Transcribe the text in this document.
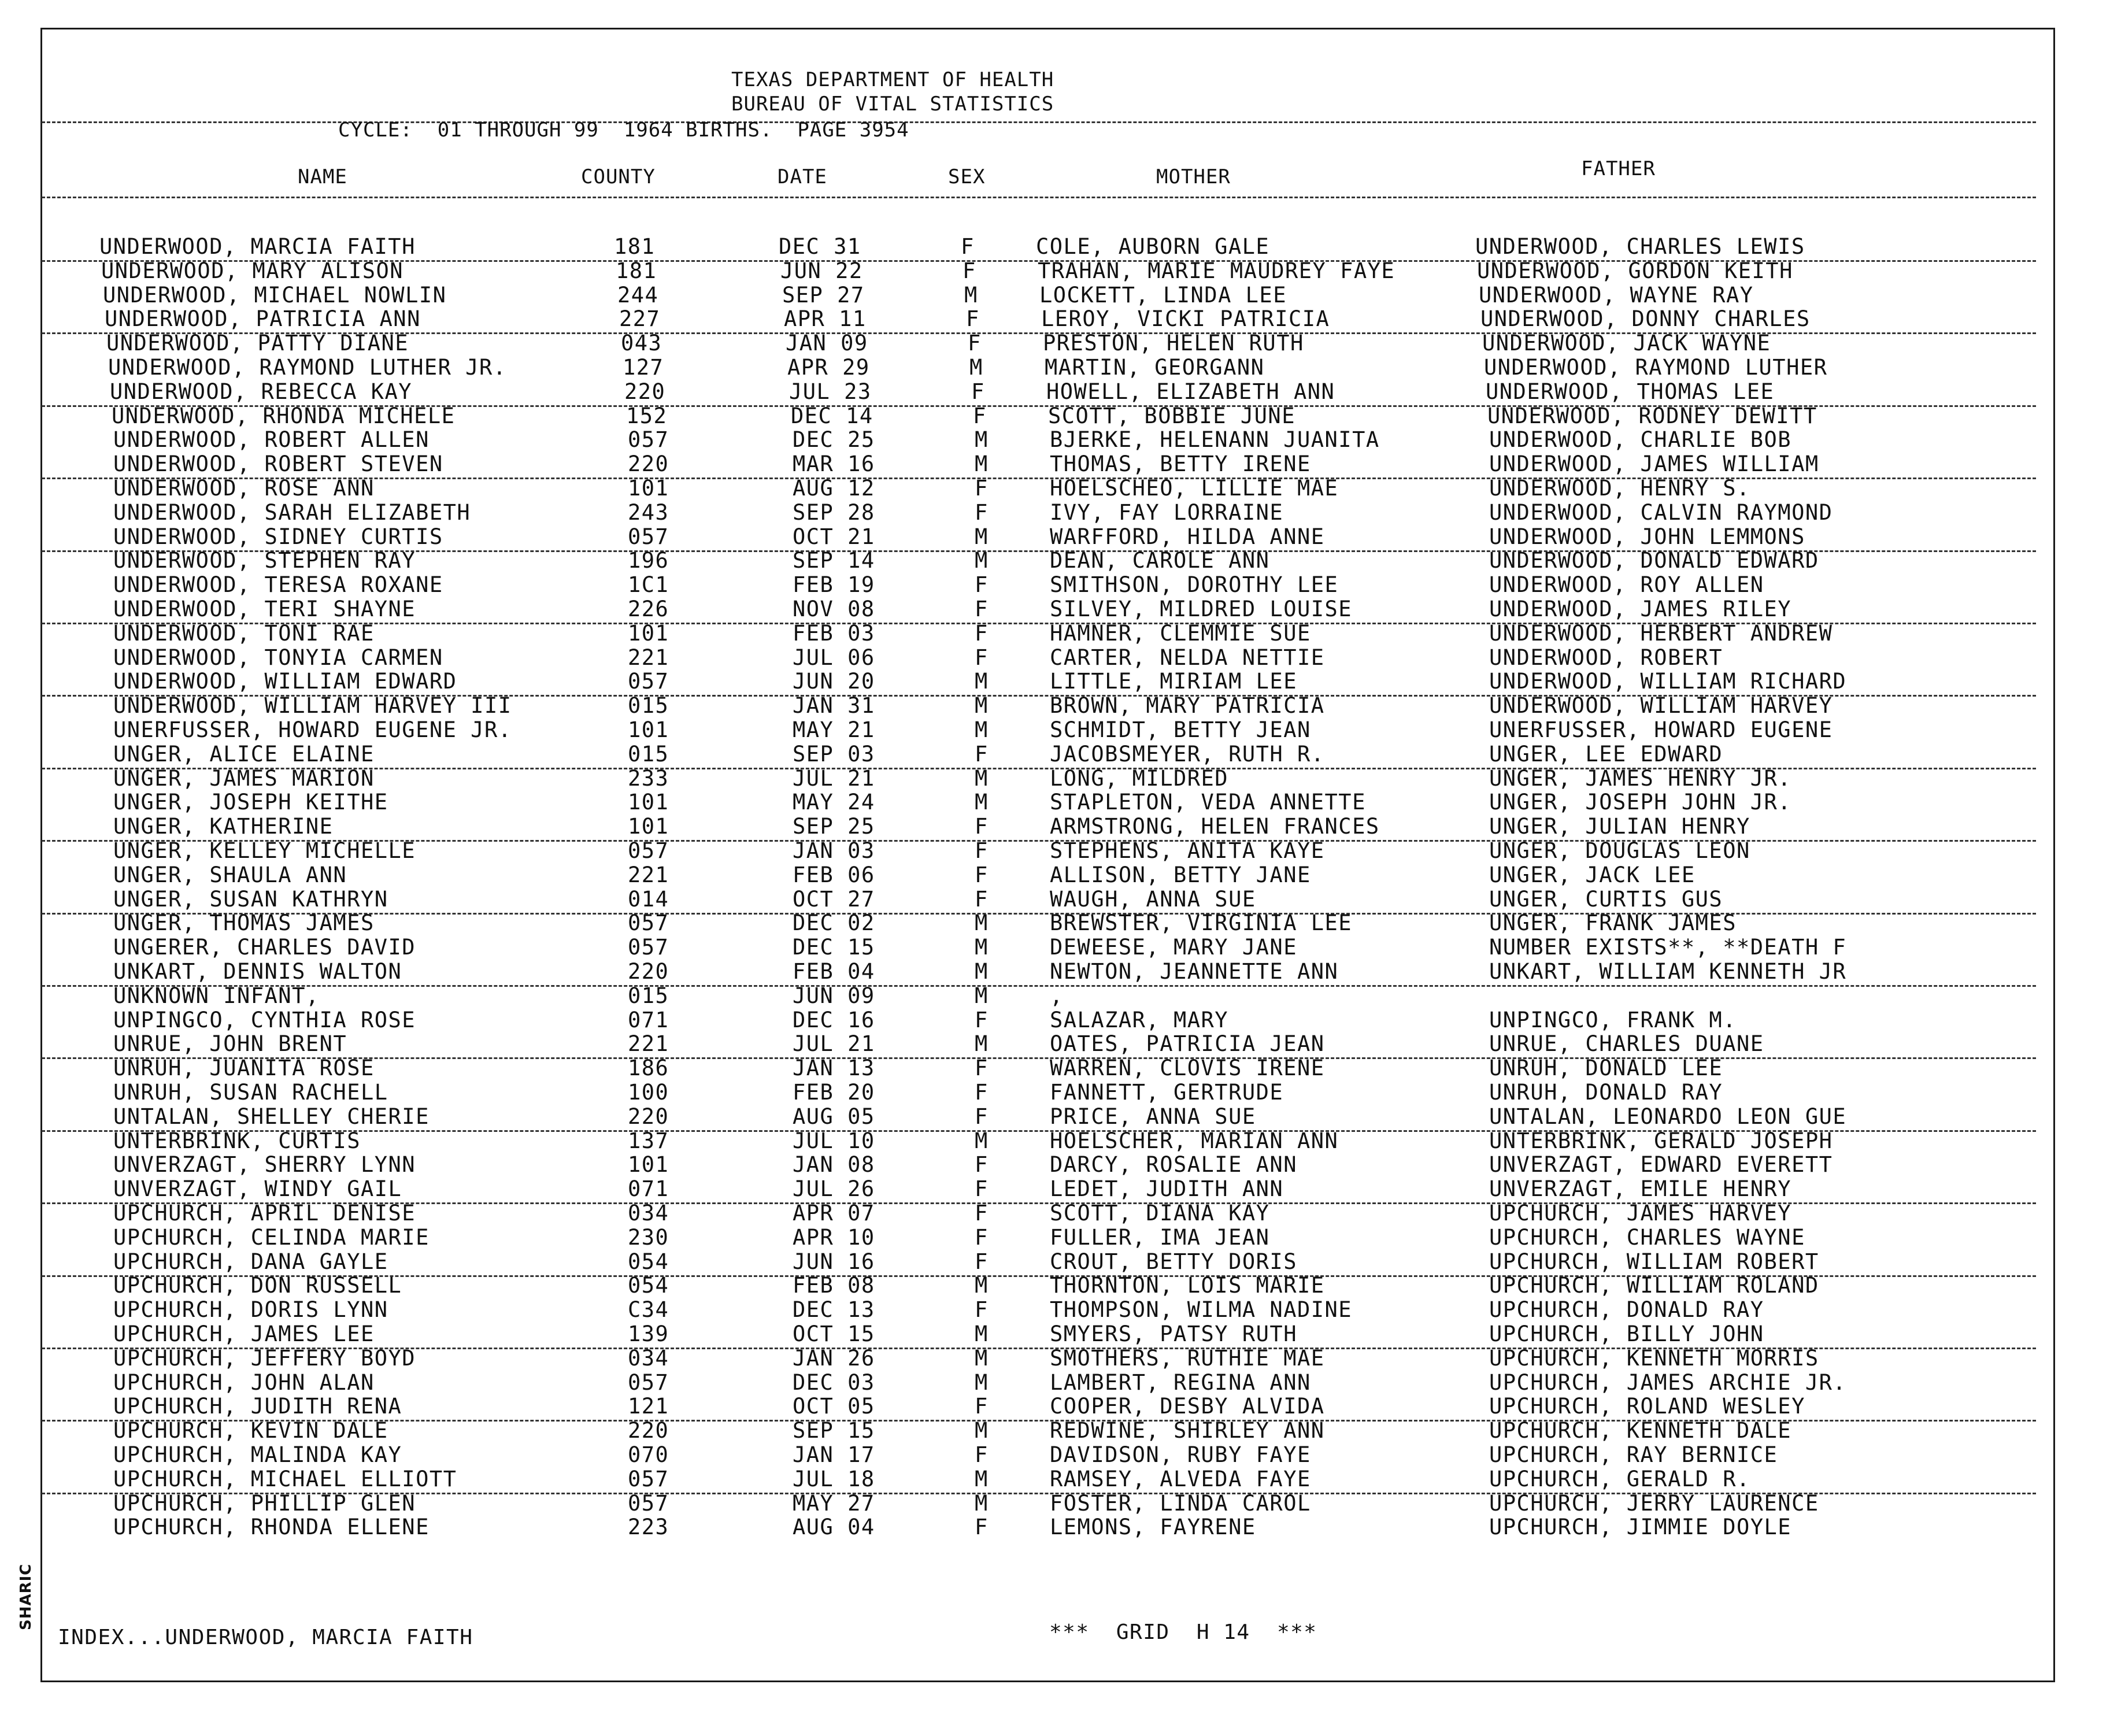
SHARIC
TEXAS DEPARTMENT OF HEALTH
BUREAU OF VITAL STATISTICS
CYCLE:  01 THROUGH 99  1964 BIRTHS.  PAGE 3954
NAME	COUNTY	DATE	SEX	MOTHER	FATHER
UNDERWOOD, MARCIA FAITH	181	DEC 31	F	COLE, AUBORN GALE	UNDERWOOD, CHARLES LEWIS
UNDERWOOD, MARY ALISON	181	JUN 22	F	TRAHAN, MARIE MAUDREY FAYE	UNDERWOOD, GORDON KEITH
UNDERWOOD, MICHAEL NOWLIN	244	SEP 27	M	LOCKETT, LINDA LEE	UNDERWOOD, WAYNE RAY
UNDERWOOD, PATRICIA ANN	227	APR 11	F	LEROY, VICKI PATRICIA	UNDERWOOD, DONNY CHARLES
UNDERWOOD, PATTY DIANE	043	JAN 09	F	PRESTON, HELEN RUTH	UNDERWOOD, JACK WAYNE
UNDERWOOD, RAYMOND LUTHER JR.	127	APR 29	M	MARTIN, GEORGANN	UNDERWOOD, RAYMOND LUTHER
UNDERWOOD, REBECCA KAY	220	JUL 23	F	HOWELL, ELIZABETH ANN	UNDERWOOD, THOMAS LEE
UNDERWOOD, RHONDA MICHELE	152	DEC 14	F	SCOTT, BOBBIE JUNE	UNDERWOOD, RODNEY DEWITT
UNDERWOOD, ROBERT ALLEN	057	DEC 25	M	BJERKE, HELENANN JUANITA	UNDERWOOD, CHARLIE BOB
UNDERWOOD, ROBERT STEVEN	220	MAR 16	M	THOMAS, BETTY IRENE	UNDERWOOD, JAMES WILLIAM
UNDERWOOD, ROSE ANN	101	AUG 12	F	HOELSCHEO, LILLIE MAE	UNDERWOOD, HENRY S.
UNDERWOOD, SARAH ELIZABETH	243	SEP 28	F	IVY, FAY LORRAINE	UNDERWOOD, CALVIN RAYMOND
UNDERWOOD, SIDNEY CURTIS	057	OCT 21	M	WARFFORD, HILDA ANNE	UNDERWOOD, JOHN LEMMONS
UNDERWOOD, STEPHEN RAY	196	SEP 14	M	DEAN, CAROLE ANN	UNDERWOOD, DONALD EDWARD
UNDERWOOD, TERESA ROXANE	1C1	FEB 19	F	SMITHSON, DOROTHY LEE	UNDERWOOD, ROY ALLEN
UNDERWOOD, TERI SHAYNE	226	NOV 08	F	SILVEY, MILDRED LOUISE	UNDERWOOD, JAMES RILEY
UNDERWOOD, TONI RAE	101	FEB 03	F	HAMNER, CLEMMIE SUE	UNDERWOOD, HERBERT ANDREW
UNDERWOOD, TONYIA CARMEN	221	JUL 06	F	CARTER, NELDA NETTIE	UNDERWOOD, ROBERT
UNDERWOOD, WILLIAM EDWARD	057	JUN 20	M	LITTLE, MIRIAM LEE	UNDERWOOD, WILLIAM RICHARD
UNDERWOOD, WILLIAM HARVEY III	015	JAN 31	M	BROWN, MARY PATRICIA	UNDERWOOD, WILLIAM HARVEY
UNERFUSSER, HOWARD EUGENE JR.	101	MAY 21	M	SCHMIDT, BETTY JEAN	UNERFUSSER, HOWARD EUGENE
UNGER, ALICE ELAINE	015	SEP 03	F	JACOBSMEYER, RUTH R.	UNGER, LEE EDWARD
UNGER, JAMES MARION	233	JUL 21	M	LONG, MILDRED	UNGER, JAMES HENRY JR.
UNGER, JOSEPH KEITHE	101	MAY 24	M	STAPLETON, VEDA ANNETTE	UNGER, JOSEPH JOHN JR.
UNGER, KATHERINE	101	SEP 25	F	ARMSTRONG, HELEN FRANCES	UNGER, JULIAN HENRY
UNGER, KELLEY MICHELLE	057	JAN 03	F	STEPHENS, ANITA KAYE	UNGER, DOUGLAS LEON
UNGER, SHAULA ANN	221	FEB 06	F	ALLISON, BETTY JANE	UNGER, JACK LEE
UNGER, SUSAN KATHRYN	014	OCT 27	F	WAUGH, ANNA SUE	UNGER, CURTIS GUS
UNGER, THOMAS JAMES	057	DEC 02	M	BREWSTER, VIRGINIA LEE	UNGER, FRANK JAMES
UNGERER, CHARLES DAVID	057	DEC 15	M	DEWEESE, MARY JANE	NUMBER EXISTS**, **DEATH F
UNKART, DENNIS WALTON	220	FEB 04	M	NEWTON, JEANNETTE ANN	UNKART, WILLIAM KENNETH JR
UNKNOWN INFANT,	015	JUN 09	M	,
UNPINGCO, CYNTHIA ROSE	071	DEC 16	F	SALAZAR, MARY	UNPINGCO, FRANK M.
UNRUE, JOHN BRENT	221	JUL 21	M	OATES, PATRICIA JEAN	UNRUE, CHARLES DUANE
UNRUH, JUANITA ROSE	186	JAN 13	F	WARREN, CLOVIS IRENE	UNRUH, DONALD LEE
UNRUH, SUSAN RACHELL	100	FEB 20	F	FANNETT, GERTRUDE	UNRUH, DONALD RAY
UNTALAN, SHELLEY CHERIE	220	AUG 05	F	PRICE, ANNA SUE	UNTALAN, LEONARDO LEON GUE
UNTERBRINK, CURTIS	137	JUL 10	M	HOELSCHER, MARIAN ANN	UNTERBRINK, GERALD JOSEPH
UNVERZAGT, SHERRY LYNN	101	JAN 08	F	DARCY, ROSALIE ANN	UNVERZAGT, EDWARD EVERETT
UNVERZAGT, WINDY GAIL	071	JUL 26	F	LEDET, JUDITH ANN	UNVERZAGT, EMILE HENRY
UPCHURCH, APRIL DENISE	034	APR 07	F	SCOTT, DIANA KAY	UPCHURCH, JAMES HARVEY
UPCHURCH, CELINDA MARIE	230	APR 10	F	FULLER, IMA JEAN	UPCHURCH, CHARLES WAYNE
UPCHURCH, DANA GAYLE	054	JUN 16	F	CROUT, BETTY DORIS	UPCHURCH, WILLIAM ROBERT
UPCHURCH, DON RUSSELL	054	FEB 08	M	THORNTON, LOIS MARIE	UPCHURCH, WILLIAM ROLAND
UPCHURCH, DORIS LYNN	C34	DEC 13	F	THOMPSON, WILMA NADINE	UPCHURCH, DONALD RAY
UPCHURCH, JAMES LEE	139	OCT 15	M	SMYERS, PATSY RUTH	UPCHURCH, BILLY JOHN
UPCHURCH, JEFFERY BOYD	034	JAN 26	M	SMOTHERS, RUTHIE MAE	UPCHURCH, KENNETH MORRIS
UPCHURCH, JOHN ALAN	057	DEC 03	M	LAMBERT, REGINA ANN	UPCHURCH, JAMES ARCHIE JR.
UPCHURCH, JUDITH RENA	121	OCT 05	F	COOPER, DESBY ALVIDA	UPCHURCH, ROLAND WESLEY
UPCHURCH, KEVIN DALE	220	SEP 15	M	REDWINE, SHIRLEY ANN	UPCHURCH, KENNETH DALE
UPCHURCH, MALINDA KAY	070	JAN 17	F	DAVIDSON, RUBY FAYE	UPCHURCH, RAY BERNICE
UPCHURCH, MICHAEL ELLIOTT	057	JUL 18	M	RAMSEY, ALVEDA FAYE	UPCHURCH, GERALD R.
UPCHURCH, PHILLIP GLEN	057	MAY 27	M	FOSTER, LINDA CAROL	UPCHURCH, JERRY LAURENCE
UPCHURCH, RHONDA ELLENE	223	AUG 04	F	LEMONS, FAYRENE	UPCHURCH, JIMMIE DOYLE
INDEX...UNDERWOOD, MARCIA FAITH	***  GRID  H 14  ***
